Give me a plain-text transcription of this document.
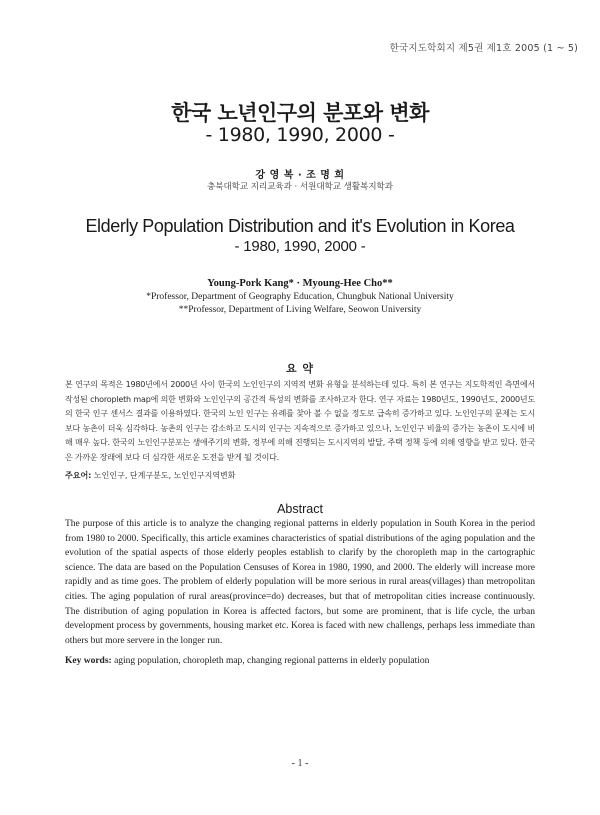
한국지도학회지 제5권 제1호 2005 (1 ~ 5)
한국 노년인구의 분포와 변화
- 1980, 1990, 2000 -
강 영 복 · 조 명 희
충북대학교 지리교육과 · 서원대학교 생활복지학과
Elderly Population Distribution and it's Evolution in Korea
- 1980, 1990, 2000 -
Young-Pork Kang* · Myoung-Hee Cho**
*Professor, Department of Geography Education, Chungbuk National University
**Professor, Department of Living Welfare, Seowon University
요 약
본 연구의 목적은 1980년에서 2000년 사이 한국의 노인인구의 지역적 변화 유형을 분석하는데 있다. 특히 본 연구는 지도학적인 측면에서 작성된 choropleth map에 의한 변화와 노인인구의 공간적 특성의 변화를 조사하고자 한다. 연구 자료는 1980년도, 1990년도, 2000년도의 한국 인구 센서스 결과를 이용하였다. 한국의 노인 인구는 유례를 찾아 볼 수 없을 정도로 급속히 증가하고 있다. 노인인구의 문제는 도시보다 농촌이 더욱 심각하다. 농촌의 인구는 감소하고 도시의 인구는 지속적으로 증가하고 있으나, 노인인구 비율의 증가는 농촌이 도시에 비해 매우 높다. 한국의 노인인구분포는 생애주기의 변화, 정부에 의해 진행되는 도시지역의 발달, 주택 정책 등에 의해 영향을 받고 있다. 한국은 가까운 장래에 보다 더 심각한 새로운 도전을 받게 될 것이다.
주요어: 노인인구, 단계구분도, 노인인구지역변화
Abstract
The purpose of this article is to analyze the changing regional patterns in elderly population in South Korea in the period from 1980 to 2000. Specifically, this article examines characteristics of spatial distributions of the aging population and the evolution of the spatial aspects of those elderly peoples establish to clarify by the choropleth map in the cartographic science. The data are based on the Population Censuses of Korea in 1980, 1990, and 2000. The elderly will increase more rapidly and as time goes. The problem of elderly population will be more serious in rural areas(villages) than metropolitan cities. The aging population of rural areas(province=do) decreases, but that of metropolitan cities increase continuously. The distribution of aging population in Korea is affected factors, but some are prominent, that is life cycle, the urban development process by governments, housing market etc. Korea is faced with new challengs, perhaps less immediate than others but more servere in the longer run.
Key words: aging population, choropleth map, changing regional patterns in elderly population
- 1 -
